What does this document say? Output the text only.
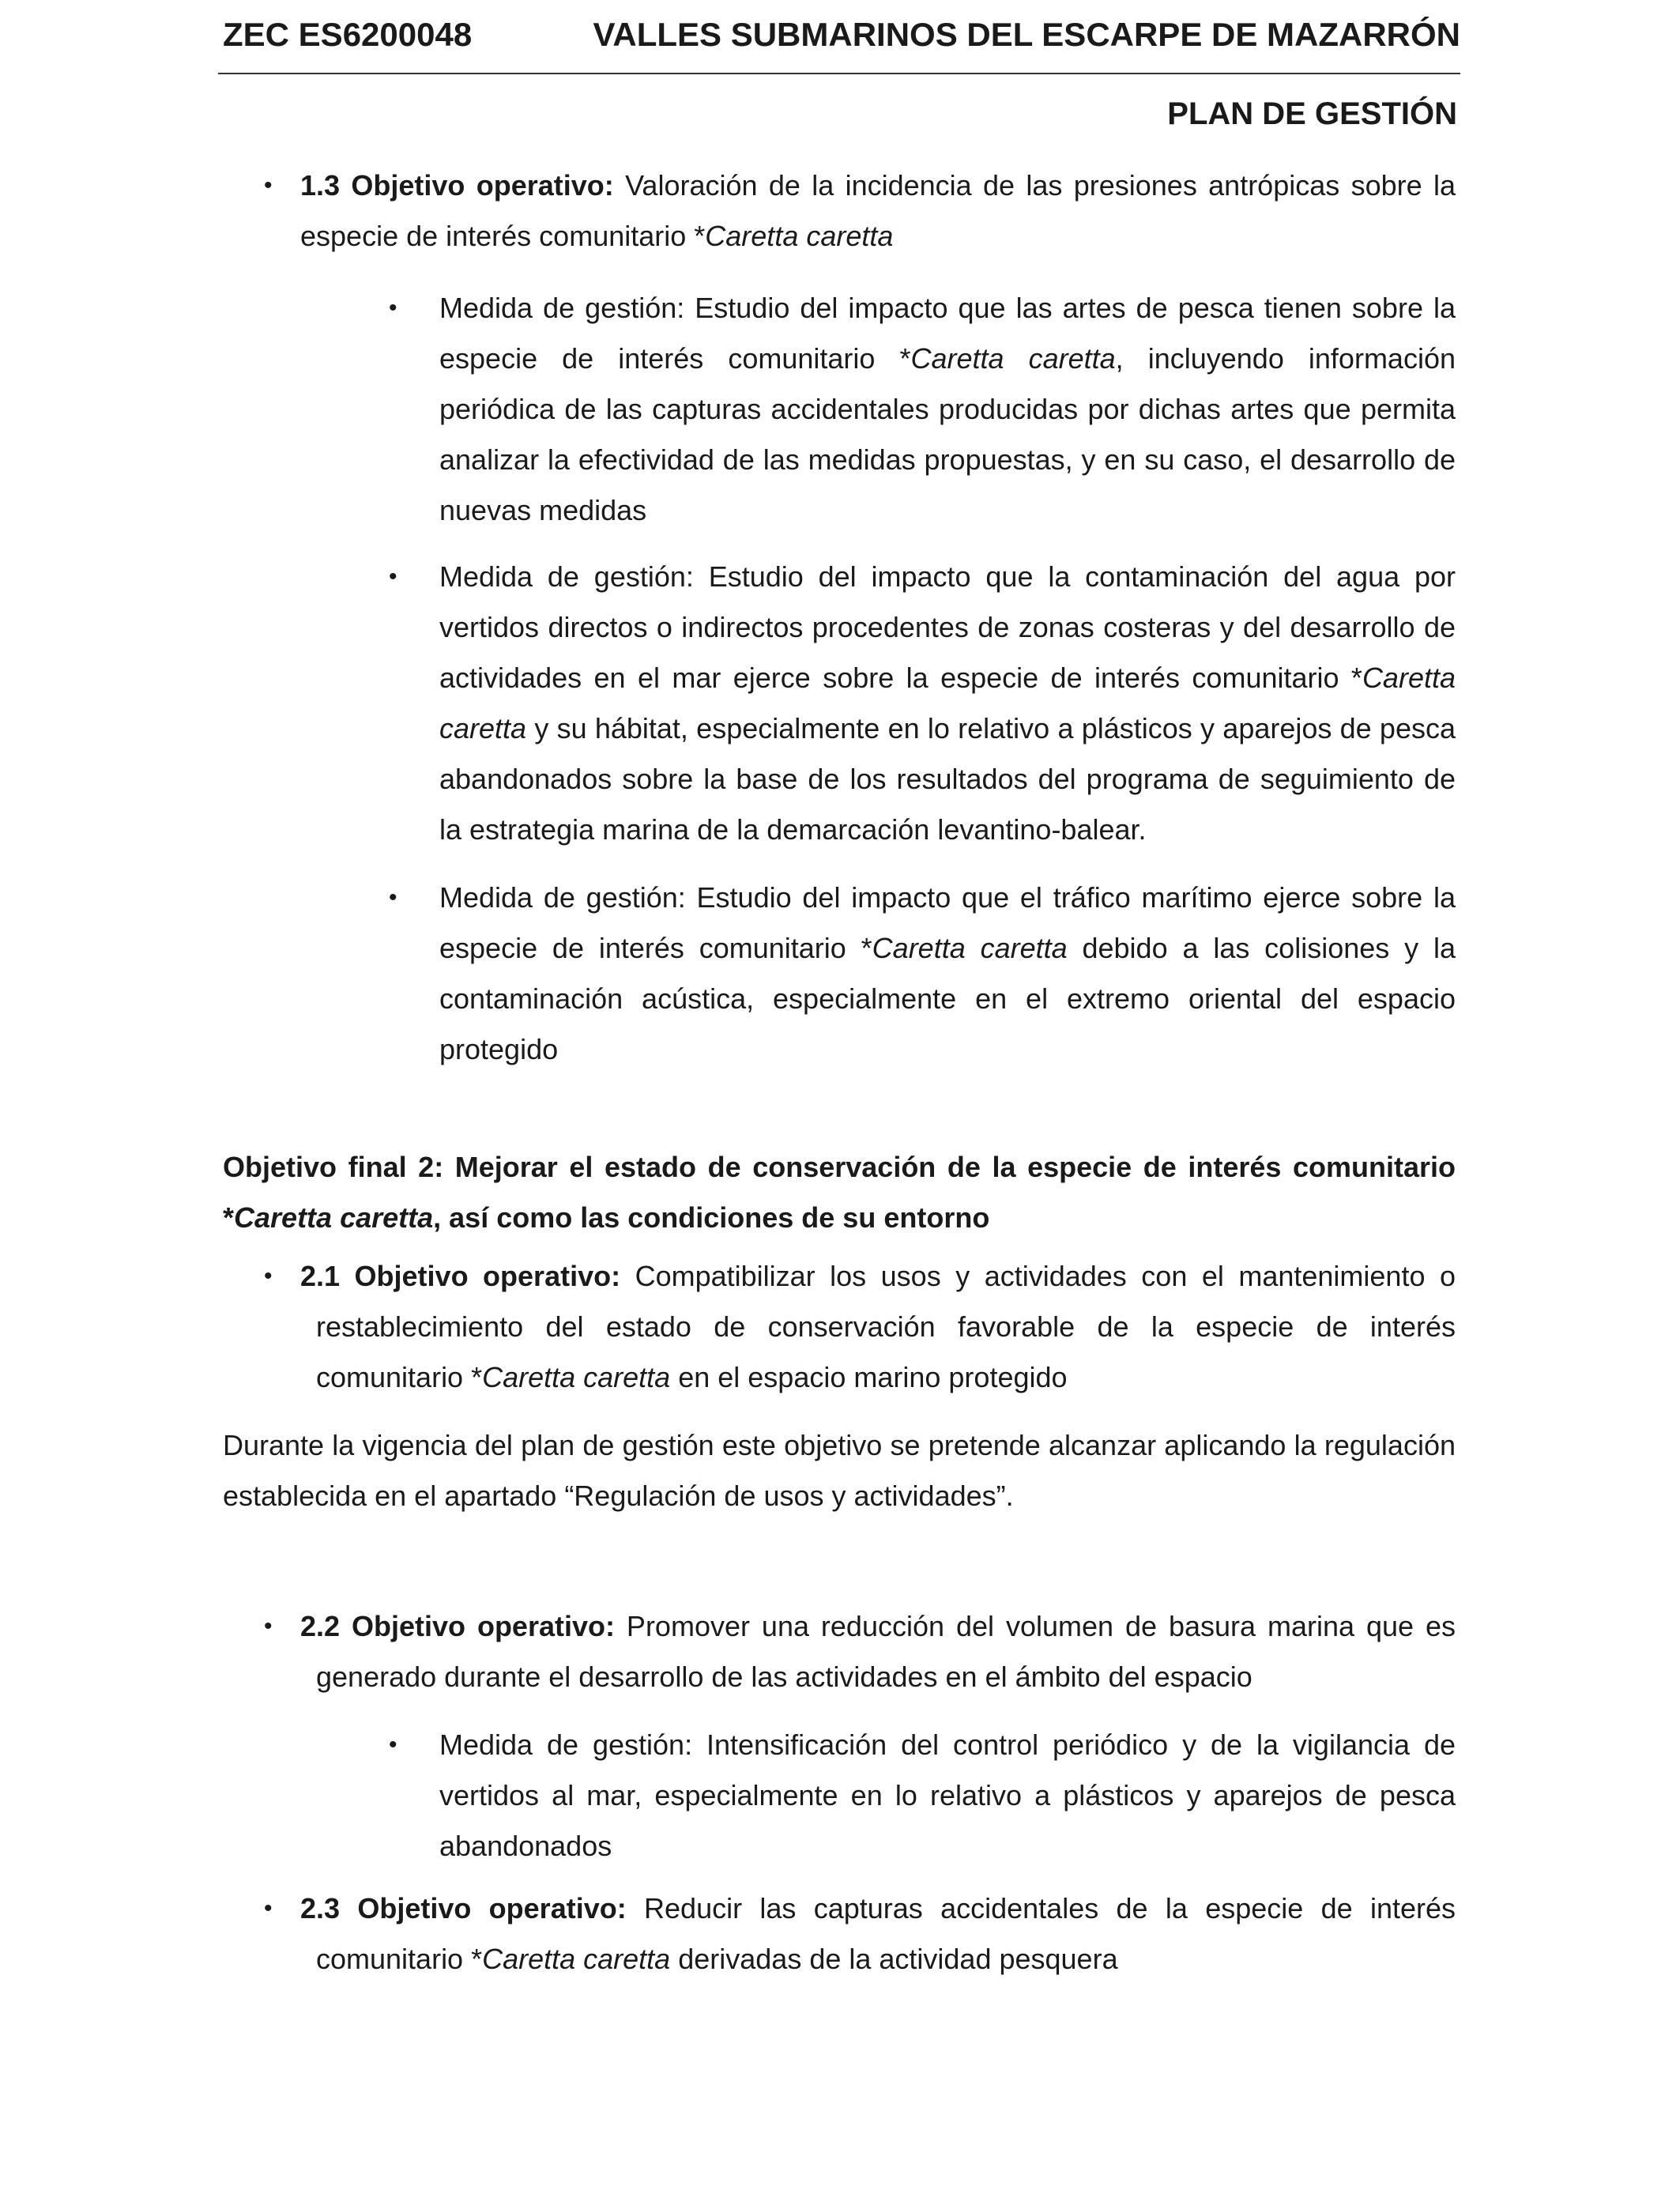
ZEC ES6200048	VALLES SUBMARINOS DEL ESCARPE DE MAZARRÓN
PLAN DE GESTIÓN
• 1.3 Objetivo operativo: Valoración de la incidencia de las presiones antrópicas sobre la especie de interés comunitario *Caretta caretta
• Medida de gestión: Estudio del impacto que las artes de pesca tienen sobre la especie de interés comunitario *Caretta caretta, incluyendo información periódica de las capturas accidentales producidas por dichas artes que permita analizar la efectividad de las medidas propuestas, y en su caso, el desarrollo de nuevas medidas
• Medida de gestión: Estudio del impacto que la contaminación del agua por vertidos directos o indirectos procedentes de zonas costeras y del desarrollo de actividades en el mar ejerce sobre la especie de interés comunitario *Caretta caretta y su hábitat, especialmente en lo relativo a plásticos y aparejos de pesca abandonados sobre la base de los resultados del programa de seguimiento de la estrategia marina de la demarcación levantino-balear.
• Medida de gestión: Estudio del impacto que el tráfico marítimo ejerce sobre la especie de interés comunitario *Caretta caretta debido a las colisiones y la contaminación acústica, especialmente en el extremo oriental del espacio protegido
Objetivo final 2: Mejorar el estado de conservación de la especie de interés comunitario *Caretta caretta, así como las condiciones de su entorno
• 2.1 Objetivo operativo: Compatibilizar los usos y actividades con el mantenimiento o restablecimiento del estado de conservación favorable de la especie de interés comunitario *Caretta caretta en el espacio marino protegido
Durante la vigencia del plan de gestión este objetivo se pretende alcanzar aplicando la regulación establecida en el apartado “Regulación de usos y actividades”.
• 2.2 Objetivo operativo: Promover una reducción del volumen de basura marina que es generado durante el desarrollo de las actividades en el ámbito del espacio
• Medida de gestión: Intensificación del control periódico y de la vigilancia de vertidos al mar, especialmente en lo relativo a plásticos y aparejos de pesca abandonados
• 2.3 Objetivo operativo: Reducir las capturas accidentales de la especie de interés comunitario *Caretta caretta derivadas de la actividad pesquera
